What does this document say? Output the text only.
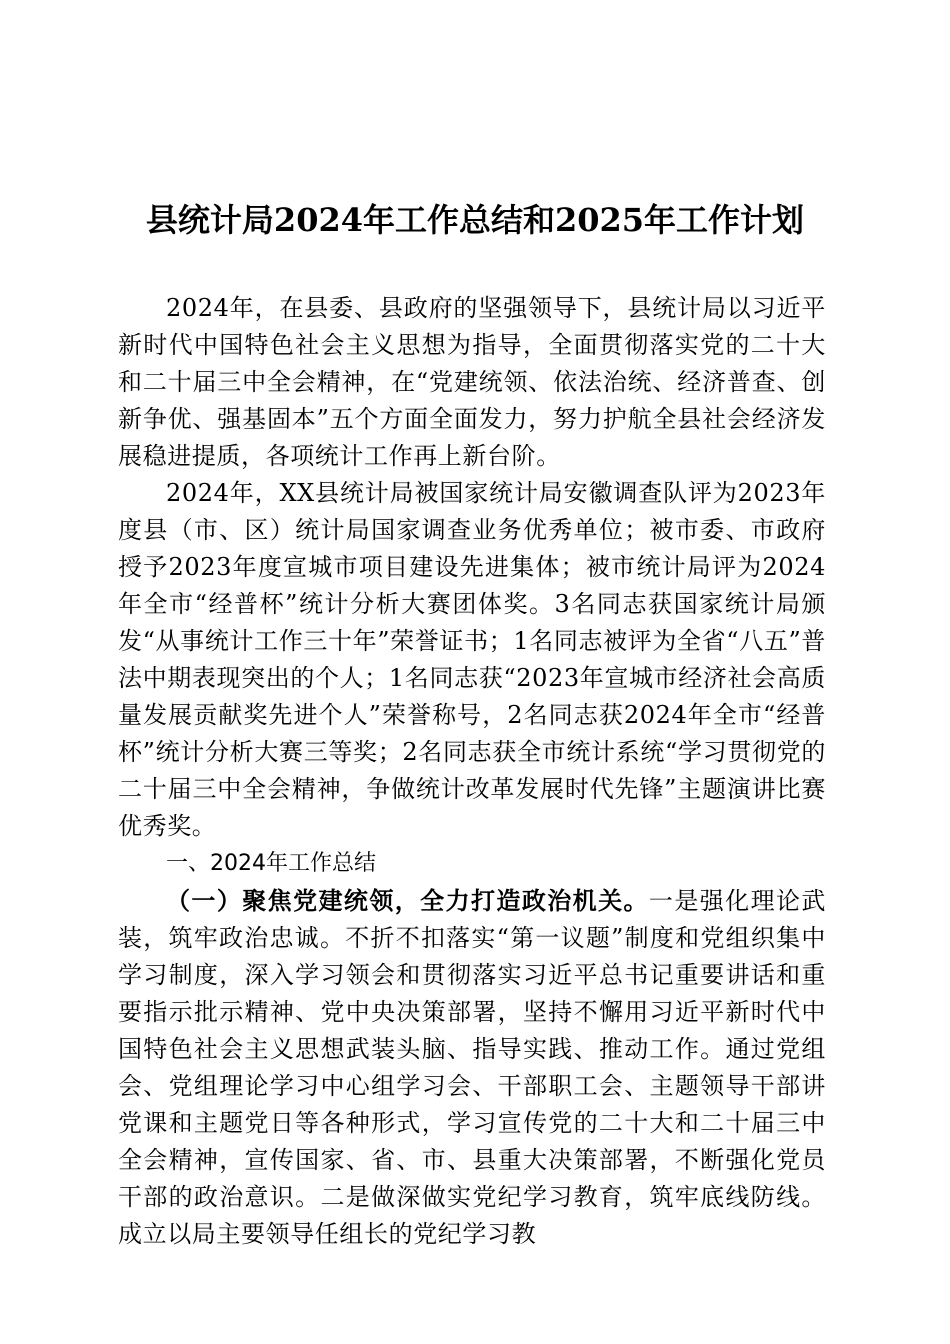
县统计局2024年工作总结和2025年工作计划

2024年，在县委、县政府的坚强领导下，县统计局以习近平新时代中国特色社会主义思想为指导，全面贯彻落实党的二十大和二十届三中全会精神，在“党建统领、依法治统、经济普查、创新争优、强基固本”五个方面全面发力，努力护航全县社会经济发展稳进提质，各项统计工作再上新台阶。

2024年，XX县统计局被国家统计局安徽调查队评为2023年度县（市、区）统计局国家调查业务优秀单位；被市委、市政府授予2023年度宣城市项目建设先进集体；被市统计局评为2024年全市“经普杯”统计分析大赛团体奖。3名同志获国家统计局颁发“从事统计工作三十年”荣誉证书；1名同志被评为全省“八五”普法中期表现突出的个人；1名同志获“2023年宣城市经济社会高质量发展贡献奖先进个人”荣誉称号，2名同志获2024年全市“经普杯”统计分析大赛三等奖；2名同志获全市统计系统“学习贯彻党的二十届三中全会精神，争做统计改革发展时代先锋”主题演讲比赛优秀奖。

一、2024年工作总结

（一）聚焦党建统领，全力打造政治机关。一是强化理论武装，筑牢政治忠诚。不折不扣落实“第一议题”制度和党组织集中学习制度，深入学习领会和贯彻落实习近平总书记重要讲话和重要指示批示精神、党中央决策部署，坚持不懈用习近平新时代中国特色社会主义思想武装头脑、指导实践、推动工作。通过党组会、党组理论学习中心组学习会、干部职工会、主题领导干部讲党课和主题党日等各种形式，学习宣传党的二十大和二十届三中全会精神，宣传国家、省、市、县重大决策部署，不断强化党员干部的政治意识。二是做深做实党纪学习教育，筑牢底线防线。成立以局主要领导任组长的党纪学习教
